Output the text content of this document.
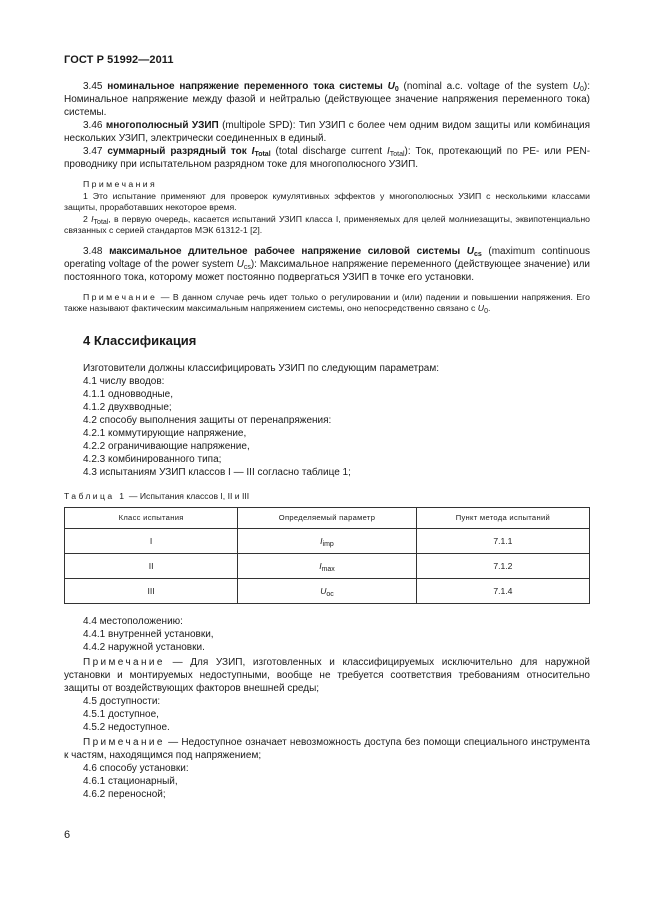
ГОСТ Р 51992—2011

3.45 номинальное напряжение переменного тока системы $U_0$ (nominal a.c. voltage of the system $U_0$): Номинальное напряжение между фазой и нейтралью (действующее значение напряжения переменного тока) системы.

3.46 многополюсный УЗИП (multipole SPD): Тип УЗИП с более чем одним видом защиты или комбинация нескольких УЗИП, электрически соединенных в единый.

3.47 суммарный разрядный ток $I_{Total}$ (total discharge current $I_{Total}$): Ток, протекающий по PE- или PEN-проводнику при испытательном разрядном токе для многополюсного УЗИП.

Примечания

1 Это испытание применяют для проверок кумулятивных эффектов у многополюсных УЗИП с несколькими классами защиты, проработавших некоторое время.

2 $I_{Total}$, в первую очередь, касается испытаний УЗИП класса I, применяемых для целей молниезащиты, эквипотенциально связанных с серией стандартов МЭК 61312-1 [2].

3.48 максимальное длительное рабочее напряжение силовой системы $U_{cs}$ (maximum continuous operating voltage of the power system $U_{cs}$): Максимальное напряжение переменного (действующее значение) или постоянного тока, которому может постоянно подвергаться УЗИП в точке его установки.

Примечание — В данном случае речь идет только о регулировании и (или) падении и повышении напряжения. Его также называют фактическим максимальным напряжением системы, оно непосредственно связано с $U_0$.

4 Классификация

Изготовители должны классифицировать УЗИП по следующим параметрам:

4.1 числу вводов:

4.1.1 одновводные,

4.1.2 двухвводные;

4.2 способу выполнения защиты от перенапряжения:

4.2.1 коммутирующие напряжение,

4.2.2 ограничивающие напряжение,

4.2.3 комбинированного типа;

4.3 испытаниям УЗИП классов I — III согласно таблице 1;

Таблица 1 — Испытания классов I, II и III
Класс испытания	Определяемый параметр	Пункт метода испытаний
I	$I_{imp}$	7.1.1
II	$I_{max}$	7.1.2
III	$U_{oc}$	7.1.4

4.4 местоположению:

4.4.1 внутренней установки,

4.4.2 наружной установки.

Примечание — Для УЗИП, изготовленных и классифицируемых исключительно для наружной установки и монтируемых недоступными, вообще не требуется соответствия требованиям относительно защиты от воздействующих факторов внешней среды;

4.5 доступности:

4.5.1 доступное,

4.5.2 недоступное.

Примечание — Недоступное означает невозможность доступа без помощи специального инструмента к частям, находящимся под напряжением;

4.6 способу установки:

4.6.1 стационарный,

4.6.2 переносной;

6
